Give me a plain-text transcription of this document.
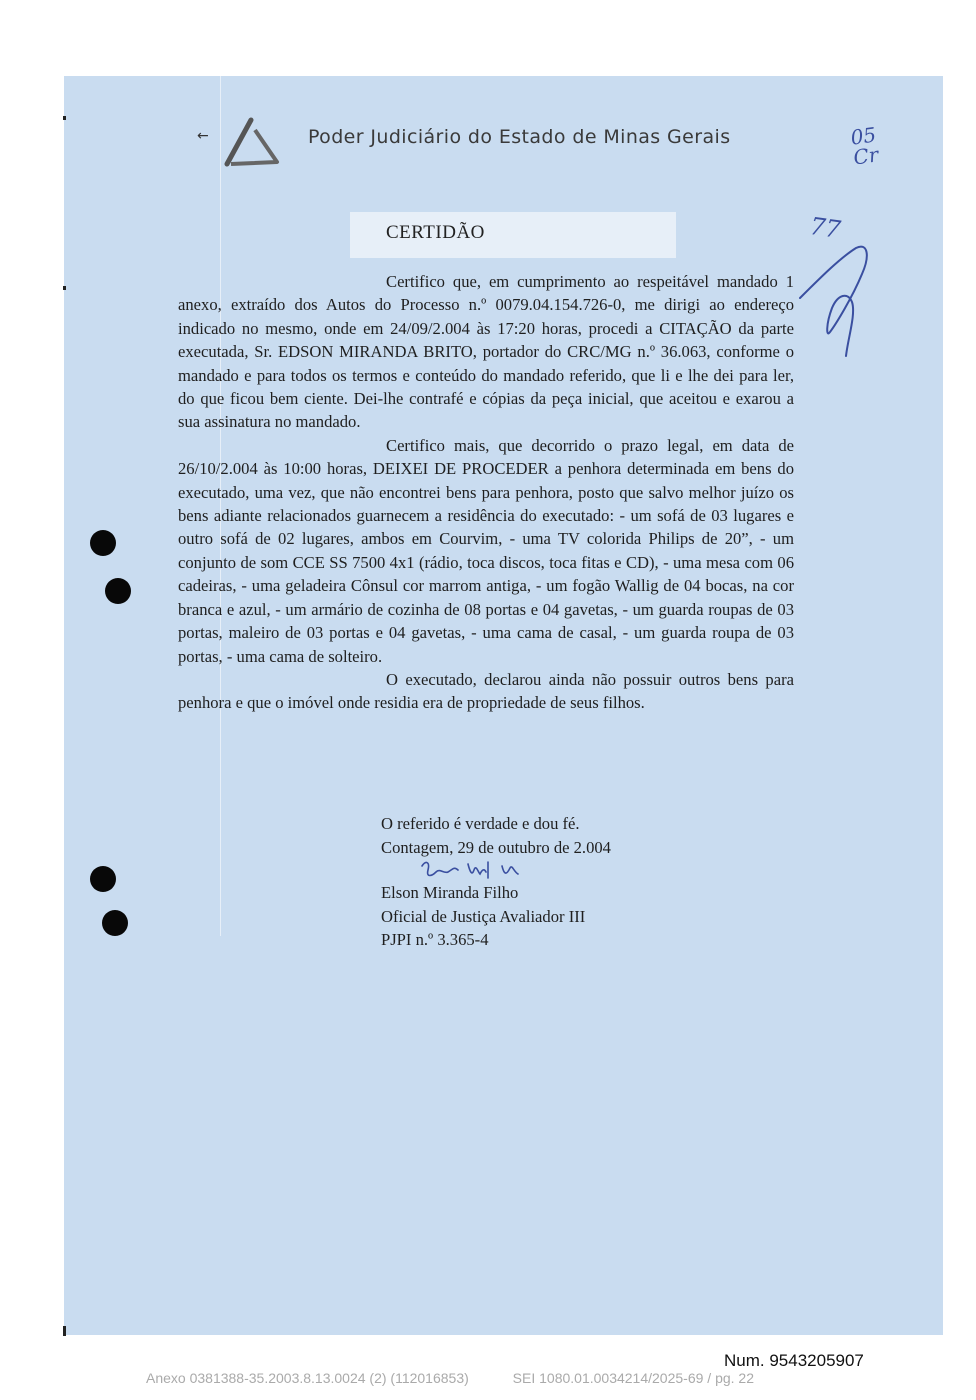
←	Poder Judiciário do Estado de Minas Gerais
CERTIDÃO

Certifico que, em cumprimento ao respeitável mandado 1 anexo, extraído dos Autos do Processo n.º 0079.04.154.726-0, me dirigi ao endereço indicado no mesmo, onde em 24/09/2.004 às 17:20 horas, procedi a CITAÇÃO da parte executada, Sr. EDSON MIRANDA BRITO, portador do CRC/MG n.º 36.063, conforme o mandado e para todos os termos e conteúdo do mandado referido, que li e lhe dei para ler, do que ficou bem ciente. Dei-lhe contrafé e cópias da peça inicial, que aceitou e exarou a sua assinatura no mandado.

Certifico mais, que decorrido o prazo legal, em data de 26/10/2.004 às 10:00 horas, DEIXEI DE PROCEDER a penhora determinada em bens do executado, uma vez, que não encontrei bens para penhora, posto que salvo melhor juízo os bens adiante relacionados guarnecem a residência do executado: - um sofá de 03 lugares e outro sofá de 02 lugares, ambos em Courvim, - uma TV colorida Philips de 20”, - um conjunto de som CCE SS 7500 4x1 (rádio, toca discos, toca fitas e CD), - uma mesa com 06 cadeiras, - uma geladeira Cônsul cor marrom antiga, - um fogão Wallig de 04 bocas, na cor branca e azul, - um armário de cozinha de 08 portas e 04 gavetas, - um guarda roupas de 03 portas, maleiro de 03 portas e 04 gavetas, - uma cama de casal, - um guarda roupa de 03 portas, - uma cama de solteiro.

O executado, declarou ainda não possuir outros bens para penhora e que o imóvel onde residia era de propriedade de seus filhos.

O referido é verdade e dou fé.
Contagem, 29 de outubro de 2.004
Elson Miranda Filho
Oficial de Justiça Avaliador III
PJPI n.º 3.365-4
05
Cr
77
Num. 9543205907
Anexo 0381388-35.2003.8.13.0024 (2) (112016853)	SEI 1080.01.0034214/2025-69 / pg. 22
